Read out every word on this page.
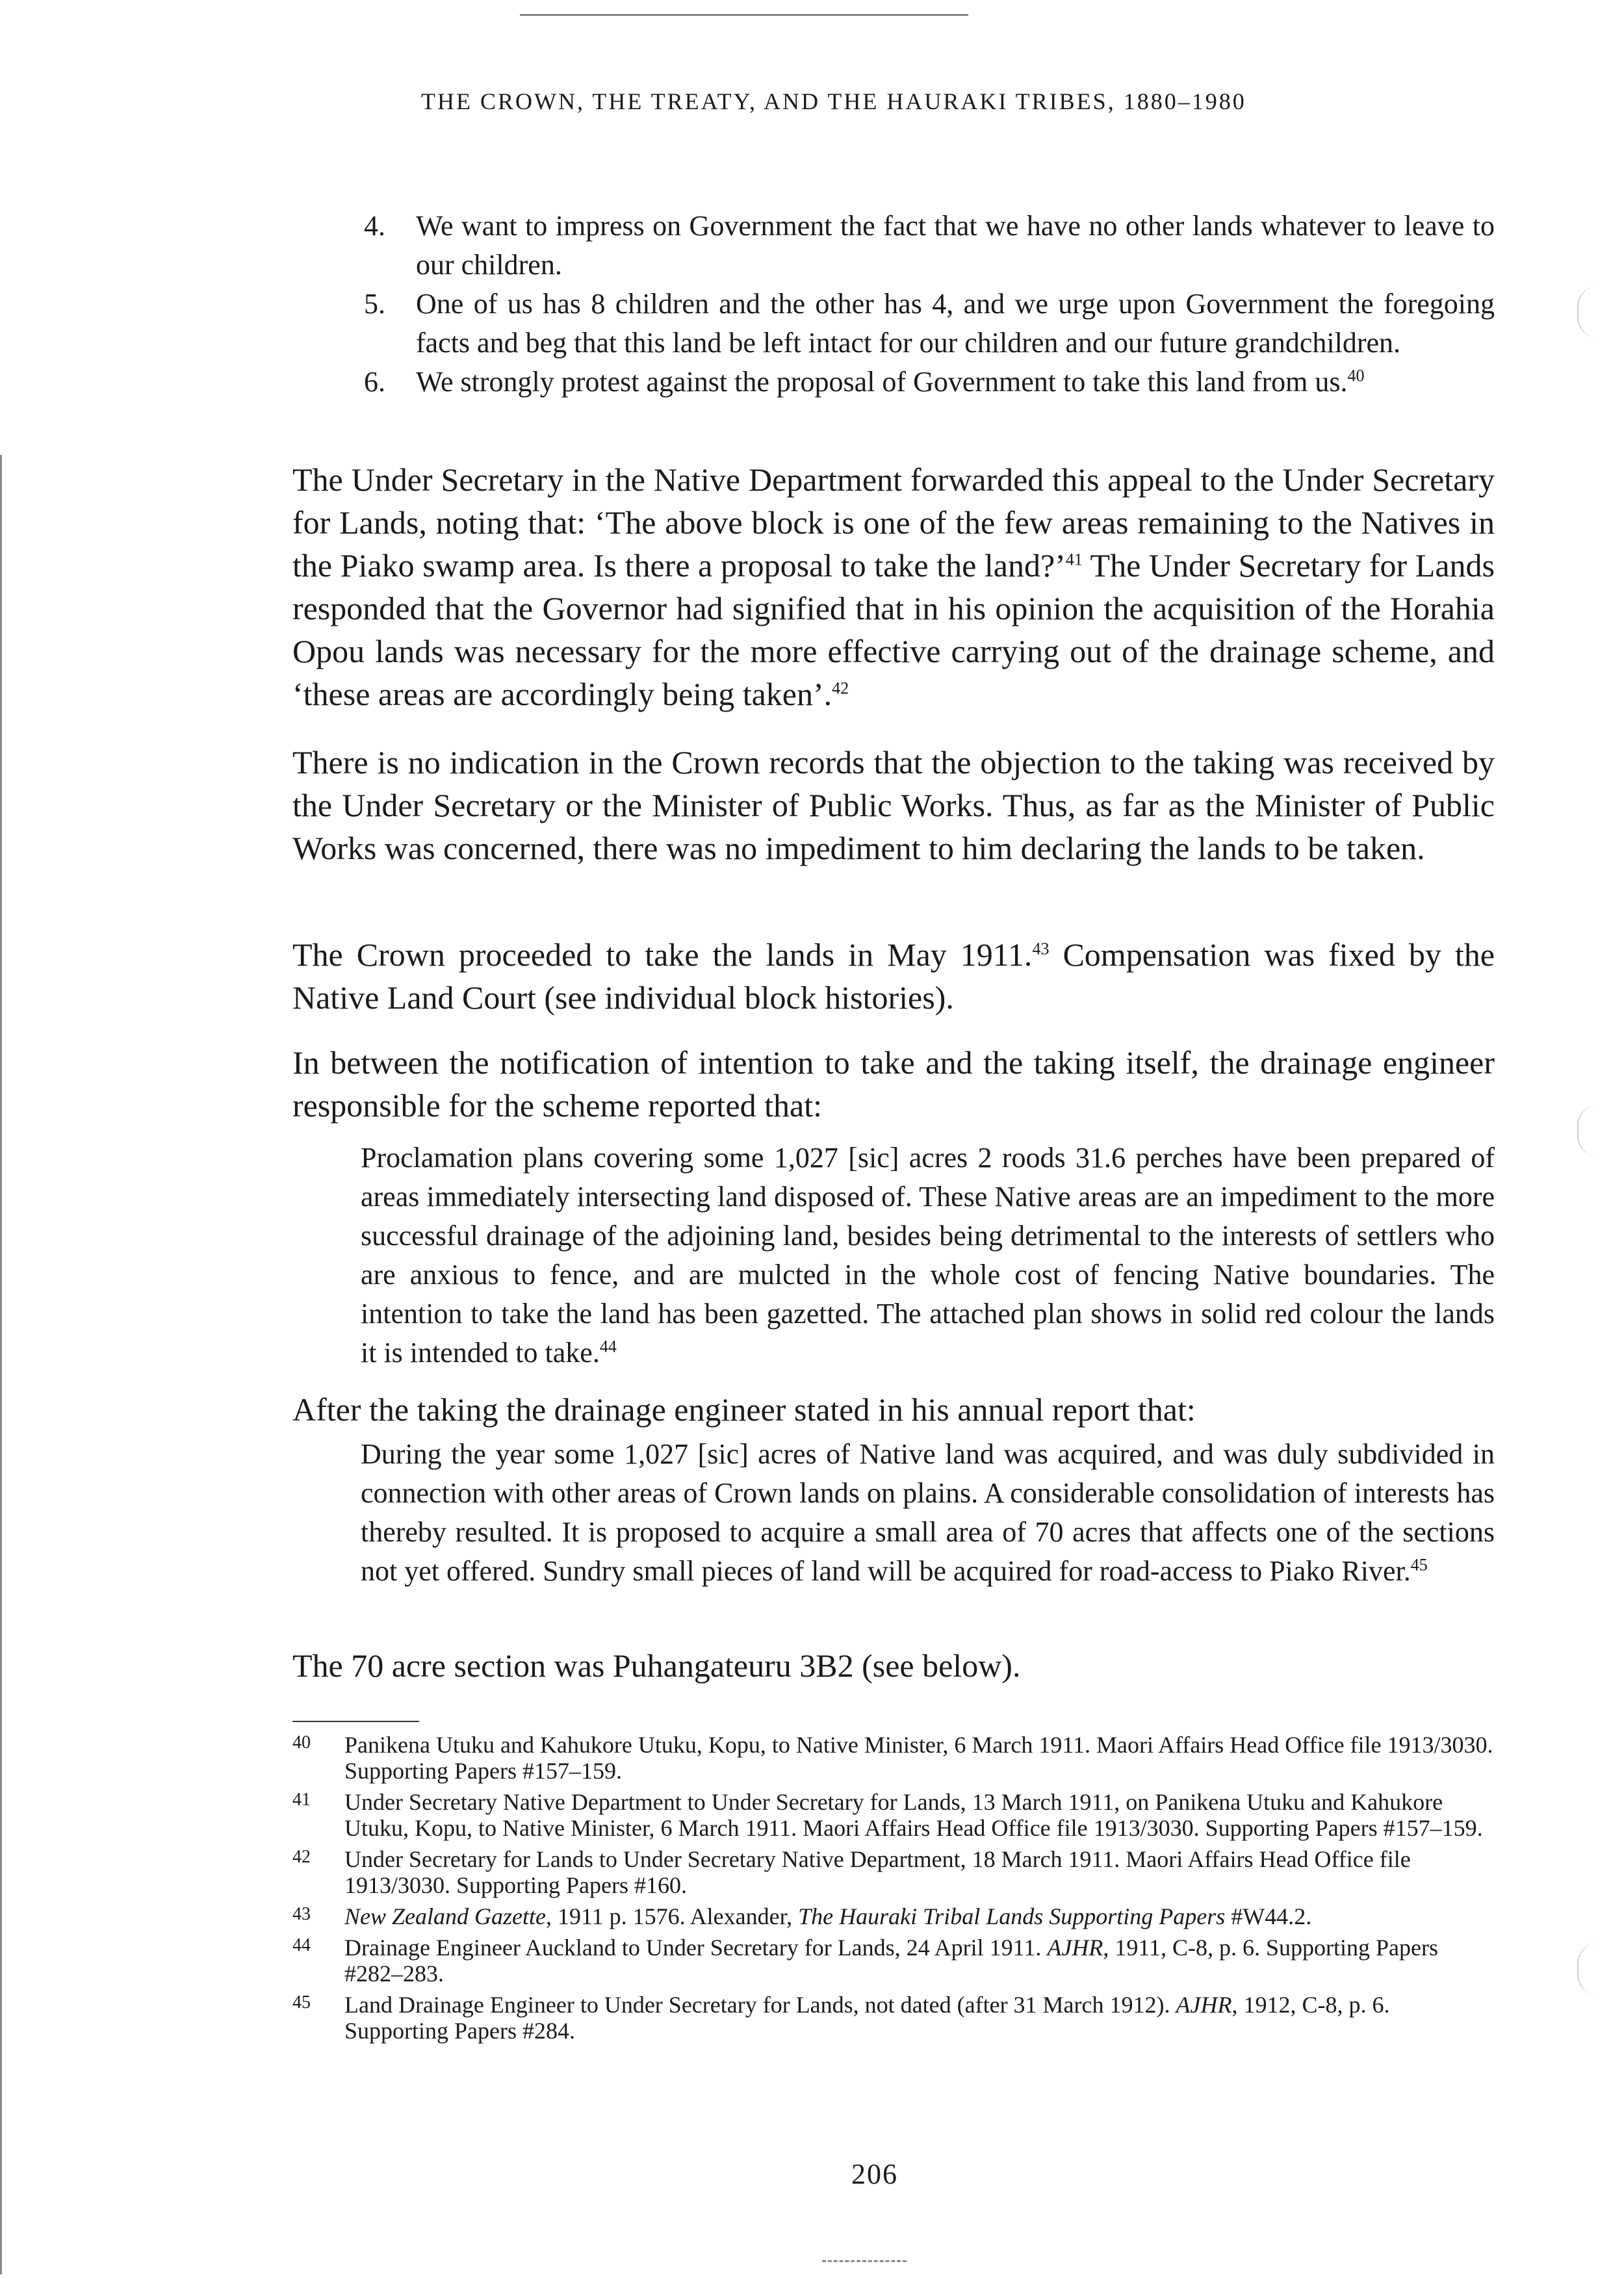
THE CROWN, THE TREATY, AND THE HAURAKI TRIBES, 1880–1980
4.	We want to impress on Government the fact that we have no other lands whatever to leave to our children.
5.	One of us has 8 children and the other has 4, and we urge upon Government the foregoing facts and beg that this land be left intact for our children and our future grandchildren.
6.	We strongly protest against the proposal of Government to take this land from us.$^{40}$

The Under Secretary in the Native Department forwarded this appeal to the Under Secretary for Lands, noting that: ‘The above block is one of the few areas remaining to the Natives in the Piako swamp area. Is there a proposal to take the land?’$^{41}$ The Under Secretary for Lands responded that the Governor had signified that in his opinion the acquisition of the Horahia Opou lands was necessary for the more effective carrying out of the drainage scheme, and ‘these areas are accordingly being taken’.$^{42}$

There is no indication in the Crown records that the objection to the taking was received by the Under Secretary or the Minister of Public Works. Thus, as far as the Minister of Public Works was concerned, there was no impediment to him declaring the lands to be taken.

The Crown proceeded to take the lands in May 1911.43 Compensation was fixed by the Native Land Court (see individual block histories).

In between the notification of intention to take and the taking itself, the drainage engineer responsible for the scheme reported that:

Proclamation plans covering some 1,027 [sic] acres 2 roods 31.6 perches have been prepared of areas immediately intersecting land disposed of. These Native areas are an impediment to the more successful drainage of the adjoining land, besides being detrimental to the interests of settlers who are anxious to fence, and are mulcted in the whole cost of fencing Native boundaries. The intention to take the land has been gazetted. The attached plan shows in solid red colour the lands it is intended to take.$^{44}$

After the taking the drainage engineer stated in his annual report that:

During the year some 1,027 [sic] acres of Native land was acquired, and was duly subdivided in connection with other areas of Crown lands on plains. A considerable consolidation of interests has thereby resulted. It is proposed to acquire a small area of 70 acres that affects one of the sections not yet offered. Sundry small pieces of land will be acquired for road-access to Piako River.$^{45}$

The 70 acre section was Puhangateuru 3B2 (see below).

40	Panikena Utuku and Kahukore Utuku, Kopu, to Native Minister, 6 March 1911. Maori Affairs Head Office file 1913/3030. Supporting Papers #157–159.
41	Under Secretary Native Department to Under Secretary for Lands, 13 March 1911, on Panikena Utuku and Kahukore Utuku, Kopu, to Native Minister, 6 March 1911. Maori Affairs Head Office file 1913/3030. Supporting Papers #157–159.
42	Under Secretary for Lands to Under Secretary Native Department, 18 March 1911. Maori Affairs Head Office file 1913/3030. Supporting Papers #160.
43	New Zealand Gazette, 1911 p. 1576. Alexander, The Hauraki Tribal Lands Supporting Papers #W44.2.
44	Drainage Engineer Auckland to Under Secretary for Lands, 24 April 1911. AJHR, 1911, C-8, p. 6. Supporting Papers #282–283.
45	Land Drainage Engineer to Under Secretary for Lands, not dated (after 31 March 1912). AJHR, 1912, C-8, p. 6. Supporting Papers #284.
206
